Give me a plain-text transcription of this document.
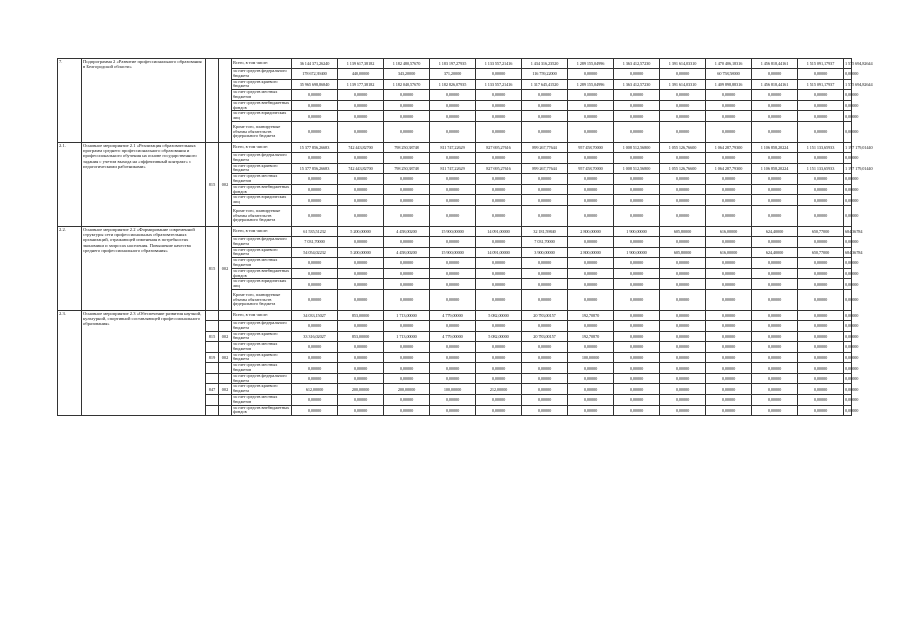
7.	Подпрограмма 2 «Развитие профессионального образования в Белгородской области»			Всего, в том числе:	36 144 371,26240	1 139 617,38182	1 182 480,57670	1 183 197,27935	1 133 557,21416	1 434 316,23520	1 289 155,04996	1 363 412,57230	1 391 614,03310	1 470 406,18316	1 456 818,44161	1 515 091,17937	1 575 694,82644
				за счет средств федерального бюджета	178 672,39400	440,00000	343,20000	371,20000	0,00000	116 759,22000	0,00000	0,00000	0,00000	60 758,58000	0,00000	0,00000	0,00000
				за счет средств краевого бюджета	35 965 698,86840	1 139 177,38182	1 182 040,57670	1 182 826,07935	1 133 557,21416	1 317 645,41520	1 289 155,04996	1 363 412,57230	1 391 614,03310	1 409 898,88316	1 456 818,44161	1 515 091,17937	1 575 694,82644
				за счет средств местных бюджетов	0,00000	0,00000	0,00000	0,00000	0,00000	0,00000	0,00000	0,00000	0,00000	0,00000	0,00000	0,00000	0,00000
				за счет средств внебюджетных фондов	0,00000	0,00000	0,00000	0,00000	0,00000	0,00000	0,00000	0,00000	0,00000	0,00000	0,00000	0,00000	0,00000
				за счет средств юридических лиц	0,00000	0,00000	0,00000	0,00000	0,00000	0,00000	0,00000	0,00000	0,00000	0,00000	0,00000	0,00000	0,00000
				Кроме того, планируемые объемы обязательств федерального бюджета	0,00000	0,00000	0,00000	0,00000	0,00000	0,00000	0,00000	0,00000	0,00000	0,00000	0,00000	0,00000	0,00000
2.1.	Основное мероприятие 2.1 «Реализация образовательных программ среднего профессионального образования и профессионального обучения на основе государственного задания с учетом выхода на «эффективный контракт» с педагогическими работниками»	815	002	Всего, в том числе:	15 377 856,26683	742 443,82700	798 250,38748	811 747,22629	827 695,27616	899 267,77644	957 458,70000	1 008 512,56800	1 055 126,76600	1 064 287,79300	1 106 858,20224	1 151 133,65933	1 197 179,01440
				за счет средств федерального бюджета	0,00000	0,00000	0,00000	0,00000	0,00000	0,00000	0,00000	0,00000	0,00000	0,00000	0,00000	0,00000	0,00000
				за счет средств краевого бюджета	15 377 856,26683	742 443,82700	798 250,38748	811 747,22629	827 695,27616	899 267,77644	957 458,70000	1 008 512,56800	1 055 126,76600	1 064 287,79300	1 106 858,20224	1 151 133,65933	1 197 179,01440
				за счет средств местных бюджетов	0,00000	0,00000	0,00000	0,00000	0,00000	0,00000	0,00000	0,00000	0,00000	0,00000	0,00000	0,00000	0,00000
				за счет средств внебюджетных фондов	0,00000	0,00000	0,00000	0,00000	0,00000	0,00000	0,00000	0,00000	0,00000	0,00000	0,00000	0,00000	0,00000
				за счет средств юридических лиц	0,00000	0,00000	0,00000	0,00000	0,00000	0,00000	0,00000	0,00000	0,00000	0,00000	0,00000	0,00000	0,00000
				Кроме того, планируемые объемы обязательств федерального бюджета	0,00000	0,00000	0,00000	0,00000	0,00000	0,00000	0,00000	0,00000	0,00000	0,00000	0,00000	0,00000	0,00000
2.2.	Основное мероприятие 2.2 «Формирование современной структуры сети профессиональных образовательных организаций, отражающей изменения в потребностях экономики и запросах населения. Повышение качества среднего профессионального образования»	815	002	Всего, в том числе:	61 535,51232	5 200,00000	4 458,00200	15 900,00000	14 091,00000	32 181,59840	2 800,00000	1 900,00000	605,80000	616,00000	624,40000	650,77000	684,36784
				за счет средств федерального бюджета	7 031,70000	0,00000	0,00000	0,00000	0,00000	7 031,70000	0,00000	0,00000	0,00000	0,00000	0,00000	0,00000	0,00000
				за счет средств краевого бюджета	54 054,02232	5 200,00000	4 458,00200	15 900,00000	14 091,00000	3 900,00000	2 800,00000	1 900,00000	605,80000	616,00000	624,40000	650,77000	684,36784
				за счет средств местных бюджетов	0,00000	0,00000	0,00000	0,00000	0,00000	0,00000	0,00000	0,00000	0,00000	0,00000	0,00000	0,00000	0,00000
				за счет средств внебюджетных фондов	0,00000	0,00000	0,00000	0,00000	0,00000	0,00000	0,00000	0,00000	0,00000	0,00000	0,00000	0,00000	0,00000
				за счет средств юридических лиц	0,00000	0,00000	0,00000	0,00000	0,00000	0,00000	0,00000	0,00000	0,00000	0,00000	0,00000	0,00000	0,00000
				Кроме того, планируемые объемы обязательств федерального бюджета	0,00000	0,00000	0,00000	0,00000	0,00000	0,00000	0,00000	0,00000	0,00000	0,00000	0,00000	0,00000	0,00000
2.3.	Основное мероприятие 2.3 «Обеспечение развития научной, культурной, спортивной составляющей профессионального образования»			Всего, в том числе:	34 033,15027	853,00000	1 713,00000	4 779,00000	5 082,00000	20 783,00157	192,70870	0,00000	0,00000	0,00000	0,00000	0,00000	0,00000
				за счет средств федерального бюджета	0,00000	0,00000	0,00000	0,00000	0,00000	0,00000	0,00000	0,00000	0,00000	0,00000	0,00000	0,00000	0,00000
		815	002	за счет средств краевого бюджета	33 316,02027	853,00000	1 713,00000	4 779,00000	5 082,00000	20 783,00157	192,70870	0,00000	0,00000	0,00000	0,00000	0,00000	0,00000
				за счет средств местных бюджетов	0,00000	0,00000	0,00000	0,00000	0,00000	0,00000	0,00000	0,00000	0,00000	0,00000	0,00000	0,00000	0,00000
		819	002	за счет средств краевого бюджета	0,00000	0,00000	0,00000	0,00000	0,00000	0,00000	100,00000	0,00000	0,00000	0,00000	0,00000	0,00000	0,00000
				за счет средств местных бюджетов	0,00000	0,00000	0,00000	0,00000	0,00000	0,00000	0,00000	0,00000	0,00000	0,00000	0,00000	0,00000	0,00000
				за счет средств федерального бюджета	0,00000	0,00000	0,00000	0,00000	0,00000	0,00000	0,00000	0,00000	0,00000	0,00000	0,00000	0,00000	0,00000
		847	002	за счет средств краевого бюджета	612,00000	200,00000	200,00000	100,00000	212,00000	0,00000	0,00000	0,00000	0,00000	0,00000	0,00000	0,00000	0,00000
				за счет средств местных бюджетов	0,00000	0,00000	0,00000	0,00000	0,00000	0,00000	0,00000	0,00000	0,00000	0,00000	0,00000	0,00000	0,00000
				за счет средств внебюджетных фондов	0,00000	0,00000	0,00000	0,00000	0,00000	0,00000	0,00000	0,00000	0,00000	0,00000	0,00000	0,00000	0,00000
